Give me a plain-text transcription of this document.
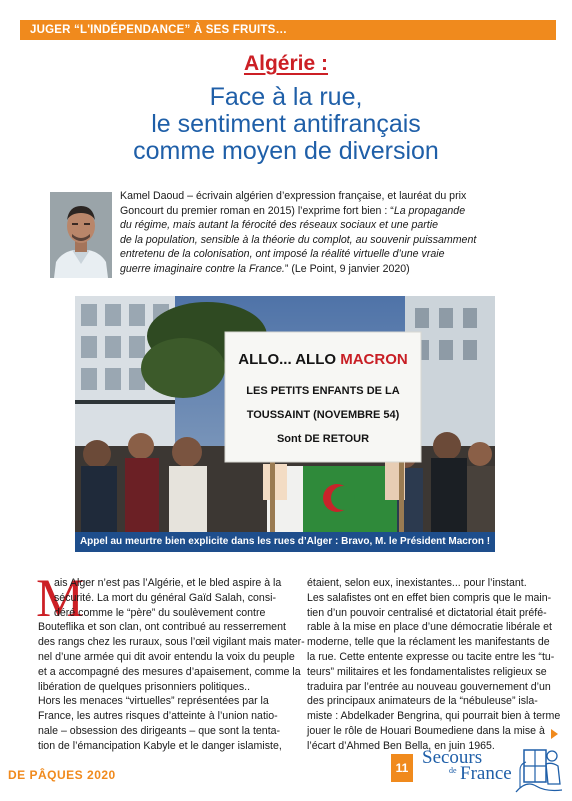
JUGER “L'INDÉPENDANCE” À SES FRUITS…
Algérie :
Face à la rue,
le sentiment antifrançais
comme moyen de diversion
Kamel Daoud – écrivain algérien d’expression française, et lauréat du prix
Goncourt du premier roman en 2015) l’exprime fort bien : “La propagande
du régime, mais autant la férocité des réseaux sociaux et une partie
de la population, sensible à la théorie du complot, au souvenir puissamment
entretenu de la colonisation, ont imposé la réalité virtuelle d’une vraie
guerre imaginaire contre la France.” (Le Point, 9 janvier 2020)
ALLO... ALLO MACRON
LES PETITS ENFANTS DE LA
TOUSSAINT (NOVEMBRE 54)
Sont DE RETOUR
Appel au meurtre bien explicite dans les rues d’Alger : Bravo, M. le Président Macron !
M
ais Alger n’est pas l’Algérie, et le bled aspire à la
sécurité. La mort du général Gaïd Salah, consi-
déré comme le “père” du soulèvement contre
Bouteflika et son clan, ont contribué au resserrement
des rangs chez les ruraux, sous l’œil vigilant mais mater-
nel d’une armée qui dit avoir entendu la voix du peuple
et a accompagné des mesures d’apaisement, comme la
libération de quelques prisonniers politiques..
Hors les menaces “virtuelles” représentées par la
France, les autres risques d’atteinte à l’union natio-
nale – obsession des dirigeants – que sont la tenta-
tion de l’émancipation Kabyle et le danger islamiste,
étaient, selon eux, inexistantes... pour l’instant.
Les salafistes ont en effet bien compris que le main-
tien d’un pouvoir centralisé et dictatorial était préfé-
rable à la mise en place d’une démocratie libérale et
moderne, telle que la réclament les manifestants de
la rue. Cette entente expresse ou tacite entre les “tu-
teurs” militaires et les fondamentalistes religieux se
traduira par l’entrée au nouveau gouvernement d’un
des principaux animateurs de la “nébuleuse” isla-
miste : Abdelkader Bengrina, qui pourrait bien à terme
jouer le rôle de Houari Boumediene dans la mise à
l’écart d’Ahmed Ben Bella, en juin 1965.
DE PÂQUES 2020	11 Secours
de France
